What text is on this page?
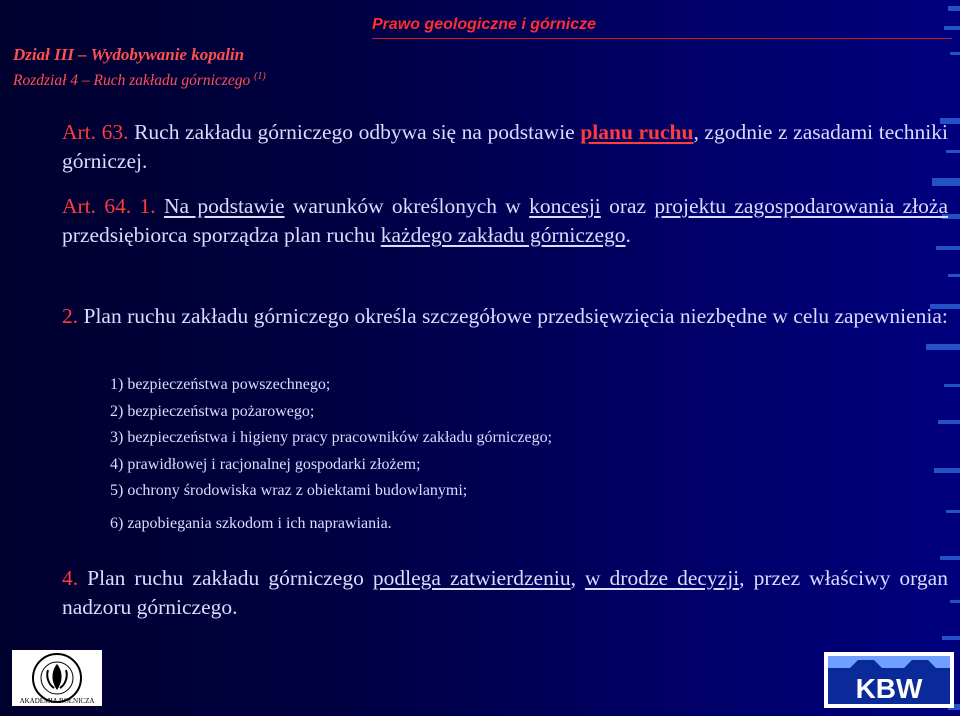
Prawo geologiczne i górnicze
Dział III – Wydobywanie kopalin
Rozdział 4 – Ruch zakładu górniczego $^{(1)}$
Art. 63. Ruch zakładu górniczego odbywa się na podstawie planu ruchu, zgodnie z zasadami techniki górniczej.
Art. 64. 1. Na podstawie warunków określonych w koncesji oraz projektu zagospodarowania złoża przedsiębiorca sporządza plan ruchu każdego zakładu górniczego.
2. Plan ruchu zakładu górniczego określa szczegółowe przedsięwzięcia niezbędne w celu zapewnienia:
1) bezpieczeństwa powszechnego;
2) bezpieczeństwa pożarowego;
3) bezpieczeństwa i higieny pracy pracowników zakładu górniczego;
4) prawidłowej i racjonalnej gospodarki złożem;
5) ochrony środowiska wraz z obiektami budowlanymi;
6) zapobiegania szkodom i ich naprawiania.
4. Plan ruchu zakładu górniczego podlega zatwierdzeniu, w drodze decyzji, przez właściwy organ nadzoru górniczego.
AKADEMIA ROLNICZA	KBW
